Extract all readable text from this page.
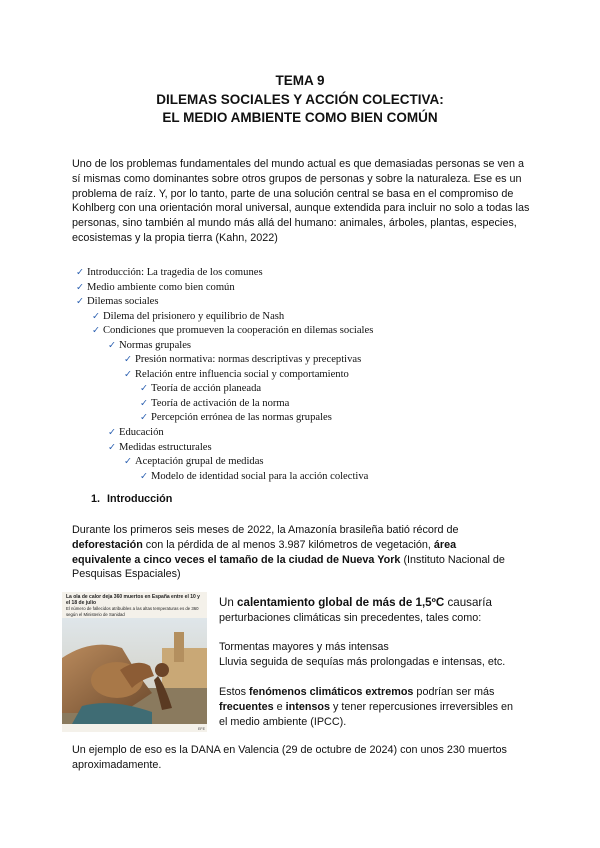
TEMA 9
DILEMAS SOCIALES Y ACCIÓN COLECTIVA:
EL MEDIO AMBIENTE COMO BIEN COMÚN

Uno de los problemas fundamentales del mundo actual es que demasiadas personas se ven a sí mismas como dominantes sobre otros grupos de personas y sobre la naturaleza. Ese es un problema de raíz. Y, por lo tanto, parte de una solución central se basa en el compromiso de Kohlberg con una orientación moral universal, aunque extendida para incluir no solo a todas las personas, sino también al mundo más allá del humano: animales, árboles, plantas, especies, ecosistemas y la propia tierra (Kahn, 2022)

✓ Introducción: La tragedia de los comunes
✓ Medio ambiente como bien común
✓ Dilemas sociales
✓ Dilema del prisionero y equilibrio de Nash
✓ Condiciones que promueven la cooperación en dilemas sociales
✓ Normas grupales
✓ Presión normativa: normas descriptivas y preceptivas
✓ Relación entre influencia social y comportamiento
✓ Teoría de acción planeada
✓ Teoría de activación de la norma
✓ Percepción errónea de las normas grupales
✓ Educación
✓ Medidas estructurales
✓ Aceptación grupal de medidas
✓ Modelo de identidad social para la acción colectiva
1. Introducción

Durante los primeros seis meses de 2022, la Amazonía brasileña batió récord de
deforestación con la pérdida de al menos 3.987 kilómetros de vegetación, área
equivalente a cinco veces el tamaño de la ciudad de Nueva York (Instituto Nacional de
Pesquisas Espaciales)

La ola de calor deja 360 muertos en España entre el 10 y el 18 de julio
El número de fallecidos atribuibles a las altas temperaturas es de 360 según el Ministerio de Sanidad
EFE

Un calentamiento global de más de 1,5ºC causaría

perturbaciones climáticas sin precedentes, tales como:

Tormentas mayores y más intensas

Lluvia seguida de sequías más prolongadas e intensas, etc.

Estos fenómenos climáticos extremos podrían ser más
frecuentes e intensos y tener repercusiones irreversibles en
el medio ambiente (IPCC).

Un ejemplo de eso es la DANA en Valencia (29 de octubre de 2024) con unos 230 muertos aproximadamente.
